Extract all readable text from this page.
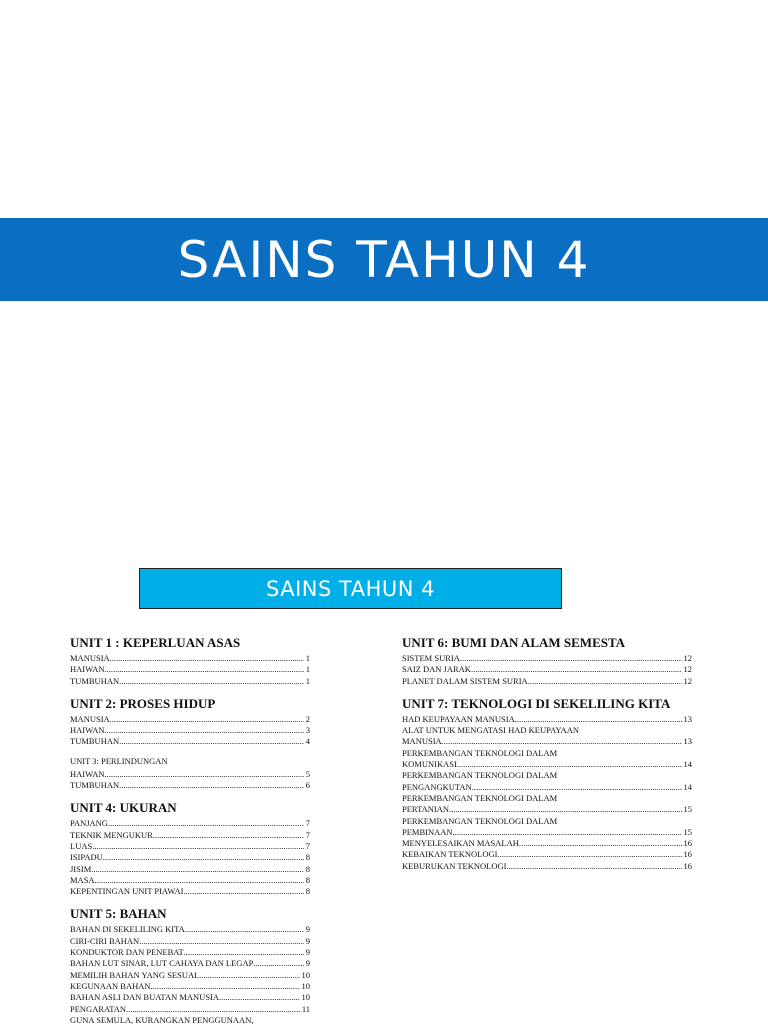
SAINS TAHUN 4
SAINS TAHUN 4
UNIT 1 : KEPERLUAN ASAS
MANUSIA .....	1
HAIWAN .....	1
TUMBUHAN .....	1
UNIT 2: PROSES HIDUP
MANUSIA .....	2
HAIWAN .....	3
TUMBUHAN .....	4
UNIT 3: PERLINDUNGAN
HAIWAN .....	5
TUMBUHAN .....	6
UNIT 4: UKURAN
PANJANG .....	7
TEKNIK MENGUKUR .....	7
LUAS .....	7
ISIPADU .....	8
JISIM .....	8
MASA .....	8
KEPENTINGAN UNIT PIAWAI .....	8
UNIT 5: BAHAN
BAHAN DI SEKELILING KITA .....	9
CIRI-CIRI BAHAN .....	9
KONDUKTOR DAN PENEBAT .....	9
BAHAN LUT SINAR, LUT CAHAYA DAN LEGAP .....	9
MEMILIH BAHAN YANG SESUAI .....	10
KEGUNAAN BAHAN .....	10
BAHAN ASLI DAN BUATAN MANUSIA .....	10
PENGARATAN .....	11
GUNA SEMULA, KURANGKAN PENGGUNAAN,
UNIT 6: BUMI DAN ALAM SEMESTA
SISTEM SURIA .....	12
SAIZ DAN JARAK .....	12
PLANET DALAM SISTEM SURIA .....	12
UNIT 7: TEKNOLOGI DI SEKELILING KITA
HAD KEUPAYAAN MANUSIA .....	13
ALAT UNTUK MENGATASI HAD KEUPAYAAN
MANUSIA .....	13
PERKEMBANGAN TEKNOLOGI DALAM
KOMUNIKASI .....	14
PERKEMBANGAN TEKNOLOGI DALAM
PENGANGKUTAN .....	14
PERKEMBANGAN TEKNOLOGI DALAM
PERTANIAN .....	15
PERKEMBANGAN TEKNOLOGI DALAM
PEMBINAAN .....	15
MENYELESAIKAN MASALAH .....	16
KEBAIKAN TEKNOLOGI .....	16
KEBURUKAN TEKNOLOGI .....	16
